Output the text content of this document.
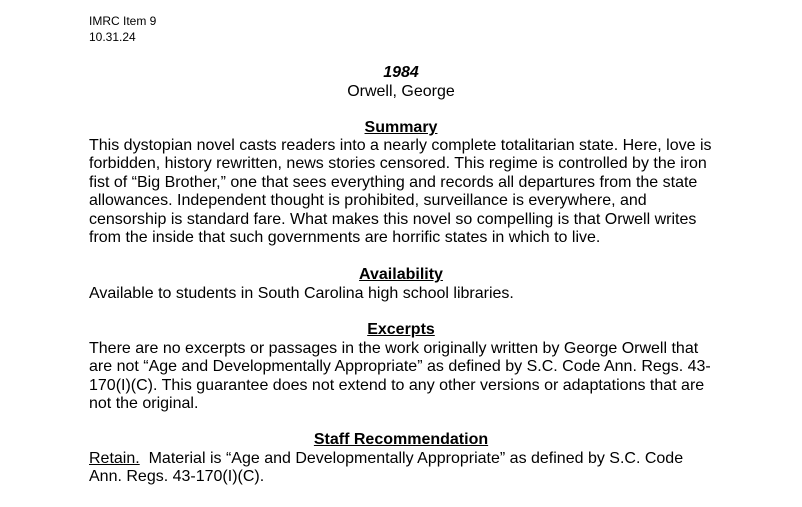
IMRC Item 9
10.31.24
1984
Orwell, George
Summary
This dystopian novel casts readers into a nearly complete totalitarian state. Here, love is
forbidden, history rewritten, news stories censored. This regime is controlled by the iron
fist of “Big Brother,” one that sees everything and records all departures from the state
allowances. Independent thought is prohibited, surveillance is everywhere, and
censorship is standard fare. What makes this novel so compelling is that Orwell writes
from the inside that such governments are horrific states in which to live.
Availability
Available to students in South Carolina high school libraries.
Excerpts
There are no excerpts or passages in the work originally written by George Orwell that
are not “Age and Developmentally Appropriate” as defined by S.C. Code Ann. Regs. 43-
170(I)(C). This guarantee does not extend to any other versions or adaptations that are
not the original.
Staff Recommendation
Retain.  Material is “Age and Developmentally Appropriate” as defined by S.C. Code
Ann. Regs. 43-170(I)(C).
